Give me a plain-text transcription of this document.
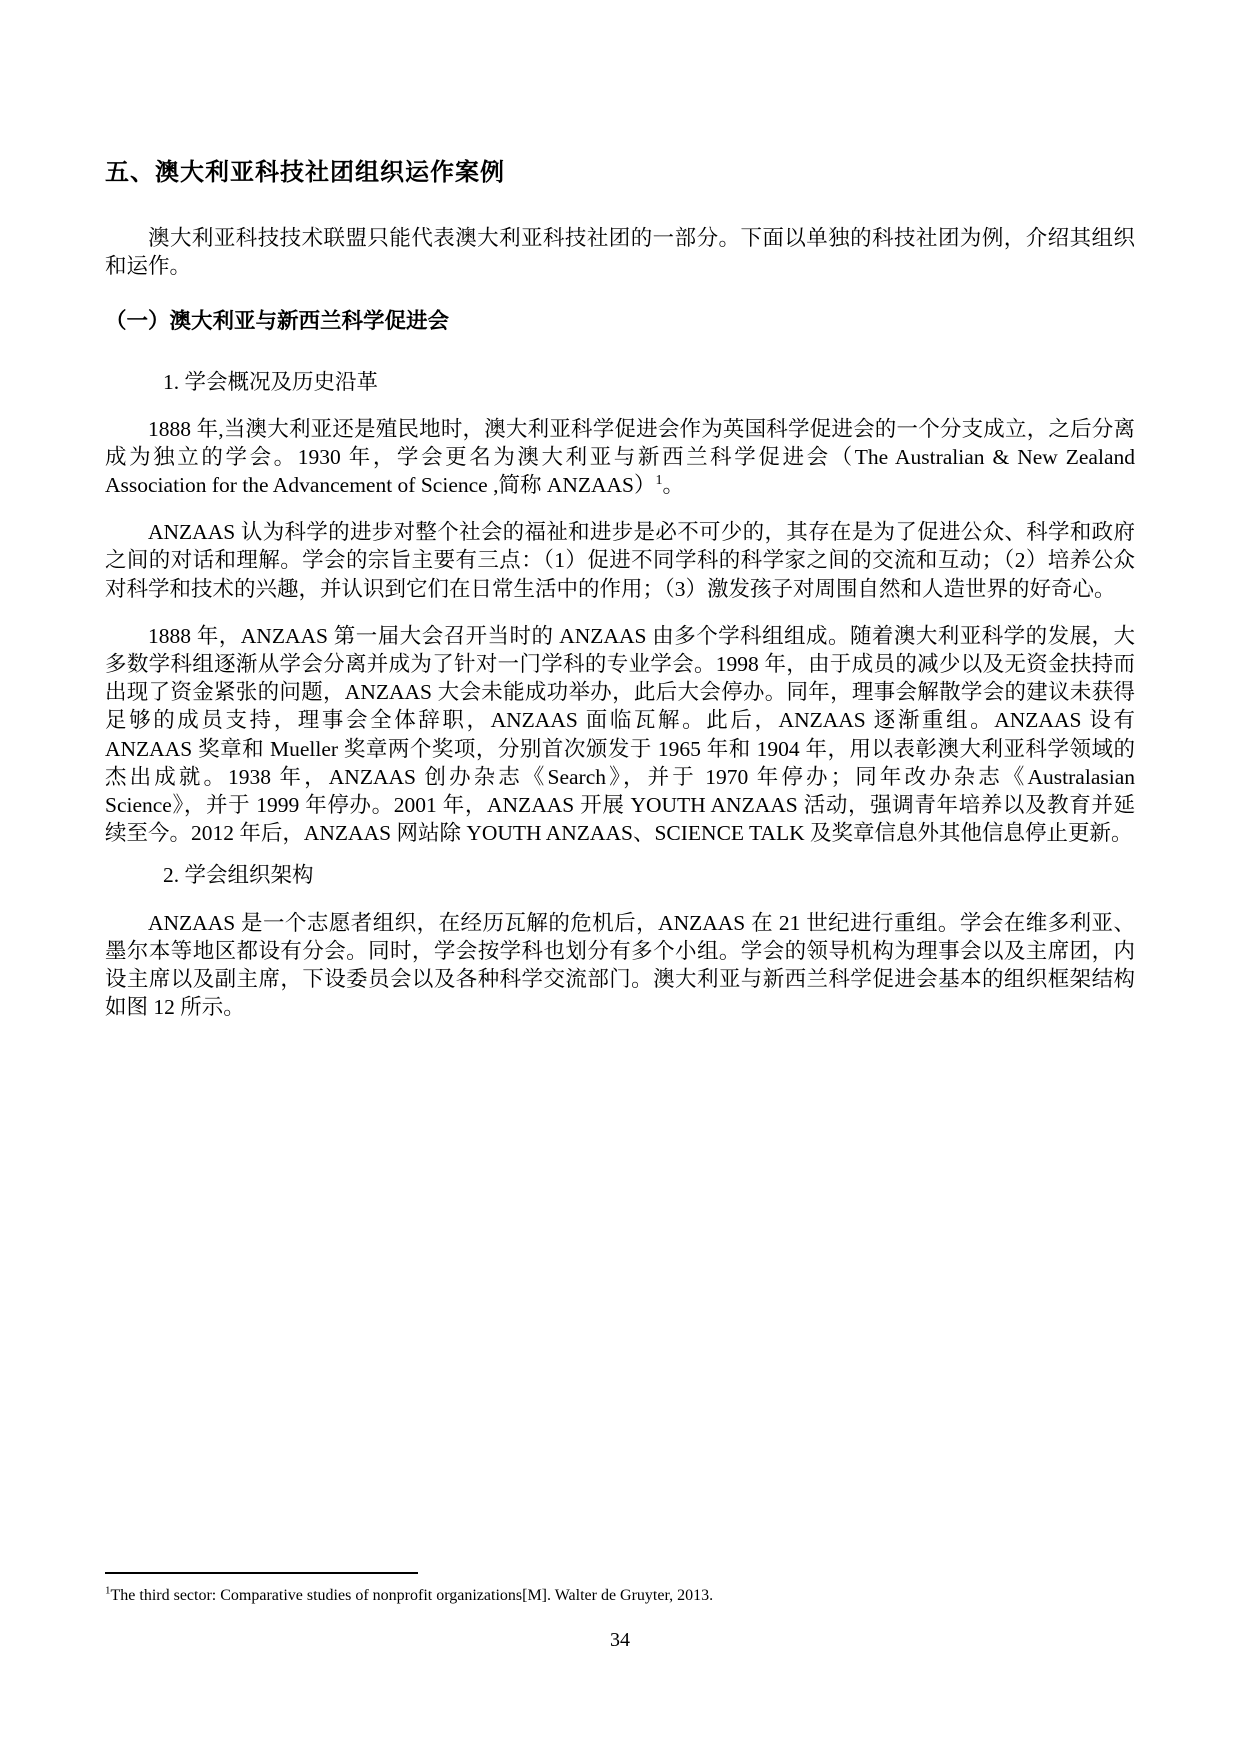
五、澳大利亚科技社团组织运作案例

澳大利亚科技技术联盟只能代表澳大利亚科技社团的一部分。下面以单独的科技社团为例，介绍其组织和运作。

（一）澳大利亚与新西兰科学促进会

1. 学会概况及历史沿革

1888 年,当澳大利亚还是殖民地时，澳大利亚科学促进会作为英国科学促进会的一个分支成立，之后分离成为独立的学会。1930 年，学会更名为澳大利亚与新西兰科学促进会（The Australian & New Zealand Association for the Advancement of Science ,简称 ANZAAS）$^1$。

ANZAAS 认为科学的进步对整个社会的福祉和进步是必不可少的，其存在是为了促进公众、科学和政府之间的对话和理解。学会的宗旨主要有三点：（1）促进不同学科的科学家之间的交流和互动；（2）培养公众对科学和技术的兴趣，并认识到它们在日常生活中的作用；（3）激发孩子对周围自然和人造世界的好奇心。

1888 年，ANZAAS 第一届大会召开当时的 ANZAAS 由多个学科组组成。随着澳大利亚科学的发展，大多数学科组逐渐从学会分离并成为了针对一门学科的专业学会。1998 年，由于成员的减少以及无资金扶持而出现了资金紧张的问题，ANZAAS 大会未能成功举办，此后大会停办。同年，理事会解散学会的建议未获得足够的成员支持，理事会全体辞职，ANZAAS 面临瓦解。此后，ANZAAS 逐渐重组。ANZAAS 设有 ANZAAS 奖章和 Mueller 奖章两个奖项，分别首次颁发于 1965 年和 1904 年，用以表彰澳大利亚科学领域的杰出成就。1938 年，ANZAAS 创办杂志《Search》，并于 1970 年停办；同年改办杂志《Australasian Science》，并于 1999 年停办。2001 年，ANZAAS 开展 YOUTH ANZAAS 活动，强调青年培养以及教育并延续至今。2012 年后，ANZAAS 网站除 YOUTH ANZAAS、SCIENCE TALK 及奖章信息外其他信息停止更新。

2. 学会组织架构

ANZAAS 是一个志愿者组织，在经历瓦解的危机后，ANZAAS 在 21 世纪进行重组。学会在维多利亚、墨尔本等地区都设有分会。同时，学会按学科也划分有多个小组。学会的领导机构为理事会以及主席团，内设主席以及副主席，下设委员会以及各种科学交流部门。澳大利亚与新西兰科学促进会基本的组织框架结构如图 12 所示。

$^1$The third sector: Comparative studies of nonprofit organizations[M]. Walter de Gruyter, 2013.

34
